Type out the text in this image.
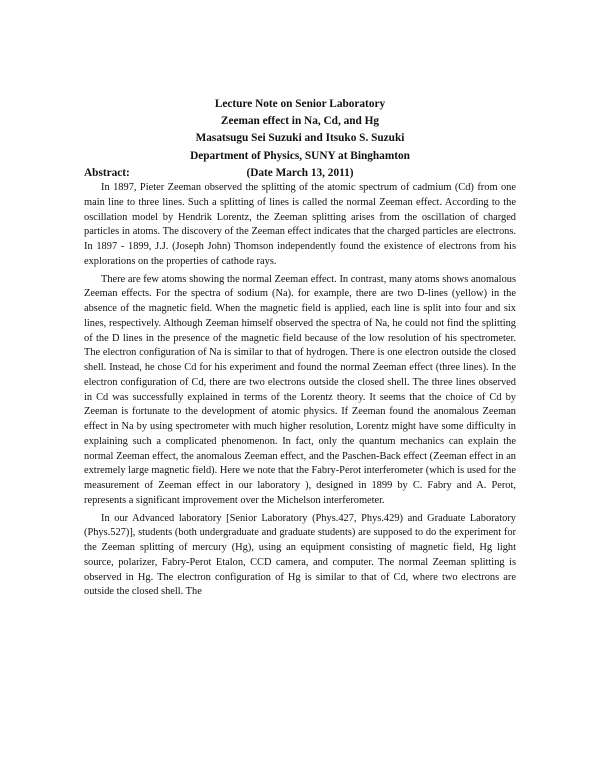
Lecture Note on Senior Laboratory
Zeeman effect in Na, Cd, and Hg
Masatsugu Sei Suzuki and Itsuko S. Suzuki
Department of Physics, SUNY at Binghamton
(Date March 13, 2011)
Abstract:

In 1897, Pieter Zeeman observed the splitting of the atomic spectrum of cadmium (Cd) from one main line to three lines. Such a splitting of lines is called the normal Zeeman effect. According to the oscillation model by Hendrik Lorentz, the Zeeman splitting arises from the oscillation of charged particles in atoms. The discovery of the Zeeman effect indicates that the charged particles are electrons. In 1897 - 1899, J.J. (Joseph John) Thomson independently found the existence of electrons from his explorations on the properties of cathode rays.

There are few atoms showing the normal Zeeman effect. In contrast, many atoms shows anomalous Zeeman effects. For the spectra of sodium (Na). for example, there are two D-lines (yellow) in the absence of the magnetic field. When the magnetic field is applied, each line is split into four and six lines, respectively. Although Zeeman himself observed the spectra of Na, he could not find the splitting of the D lines in the presence of the magnetic field because of the low resolution of his spectrometer. The electron configuration of Na is similar to that of hydrogen. There is one electron outside the closed shell. Instead, he chose Cd for his experiment and found the normal Zeeman effect (three lines). In the electron configuration of Cd, there are two electrons outside the closed shell. The three lines observed in Cd was successfully explained in terms of the Lorentz theory. It seems that the choice of Cd by Zeeman is fortunate to the development of atomic physics. If Zeeman found the anomalous Zeeman effect in Na by using spectrometer with much higher resolution, Lorentz might have some difficulty in explaining such a complicated phenomenon. In fact, only the quantum mechanics can explain the normal Zeeman effect, the anomalous Zeeman effect, and the Paschen-Back effect (Zeeman effect in an extremely large magnetic field). Here we note that the Fabry-Perot interferometer (which is used for the measurement of Zeeman effect in our laboratory ), designed in 1899 by C. Fabry and A. Perot, represents a significant improvement over the Michelson interferometer.

In our Advanced laboratory [Senior Laboratory (Phys.427, Phys.429) and Graduate Laboratory (Phys.527)], students (both undergraduate and graduate students) are supposed to do the experiment for the Zeeman splitting of mercury (Hg), using an equipment consisting of magnetic field, Hg light source, polarizer, Fabry-Perot Etalon, CCD camera, and computer. The normal Zeeman splitting is observed in Hg. The electron configuration of Hg is similar to that of Cd, where two electrons are outside the closed shell. The
